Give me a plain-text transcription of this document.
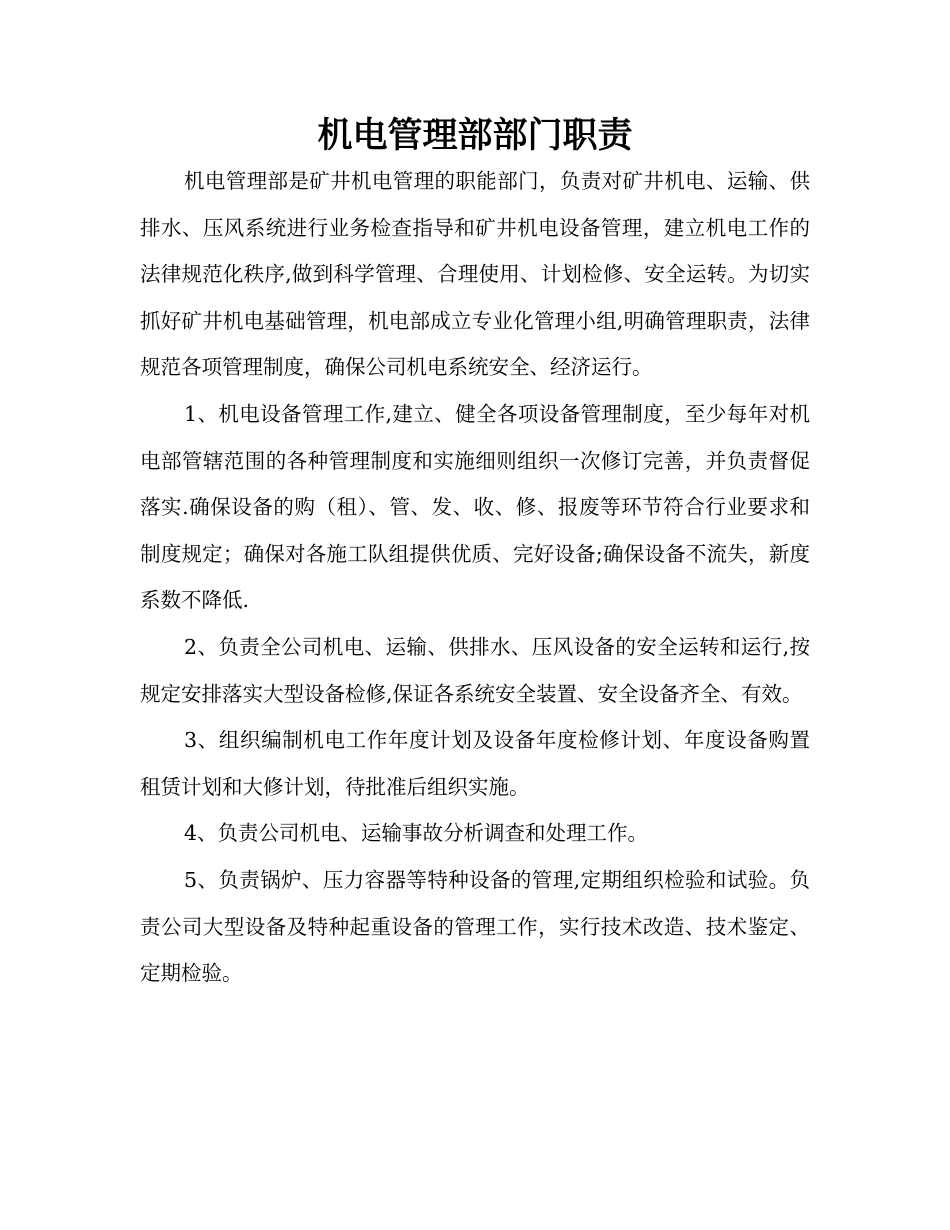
机电管理部部门职责

机电管理部是矿井机电管理的职能部门，负责对矿井机电、运输、供排水、压风系统进行业务检查指导和矿井机电设备管理，建立机电工作的法律规范化秩序,做到科学管理、合理使用、计划检修、安全运转。为切实抓好矿井机电基础管理，机电部成立专业化管理小组,明确管理职责，法律规范各项管理制度，确保公司机电系统安全、经济运行。

1、机电设备管理工作,建立、健全各项设备管理制度，至少每年对机电部管辖范围的各种管理制度和实施细则组织一次修订完善，并负责督促落实.确保设备的购（租）、管、发、收、修、报废等环节符合行业要求和制度规定；确保对各施工队组提供优质、完好设备;确保设备不流失，新度系数不降低.

2、负责全公司机电、运输、供排水、压风设备的安全运转和运行,按规定安排落实大型设备检修,保证各系统安全装置、安全设备齐全、有效。

3、组织编制机电工作年度计划及设备年度检修计划、年度设备购置租赁计划和大修计划，待批准后组织实施。

4、负责公司机电、运输事故分析调查和处理工作。

5、负责锅炉、压力容器等特种设备的管理,定期组织检验和试验。负责公司大型设备及特种起重设备的管理工作，实行技术改造、技术鉴定、定期检验。
